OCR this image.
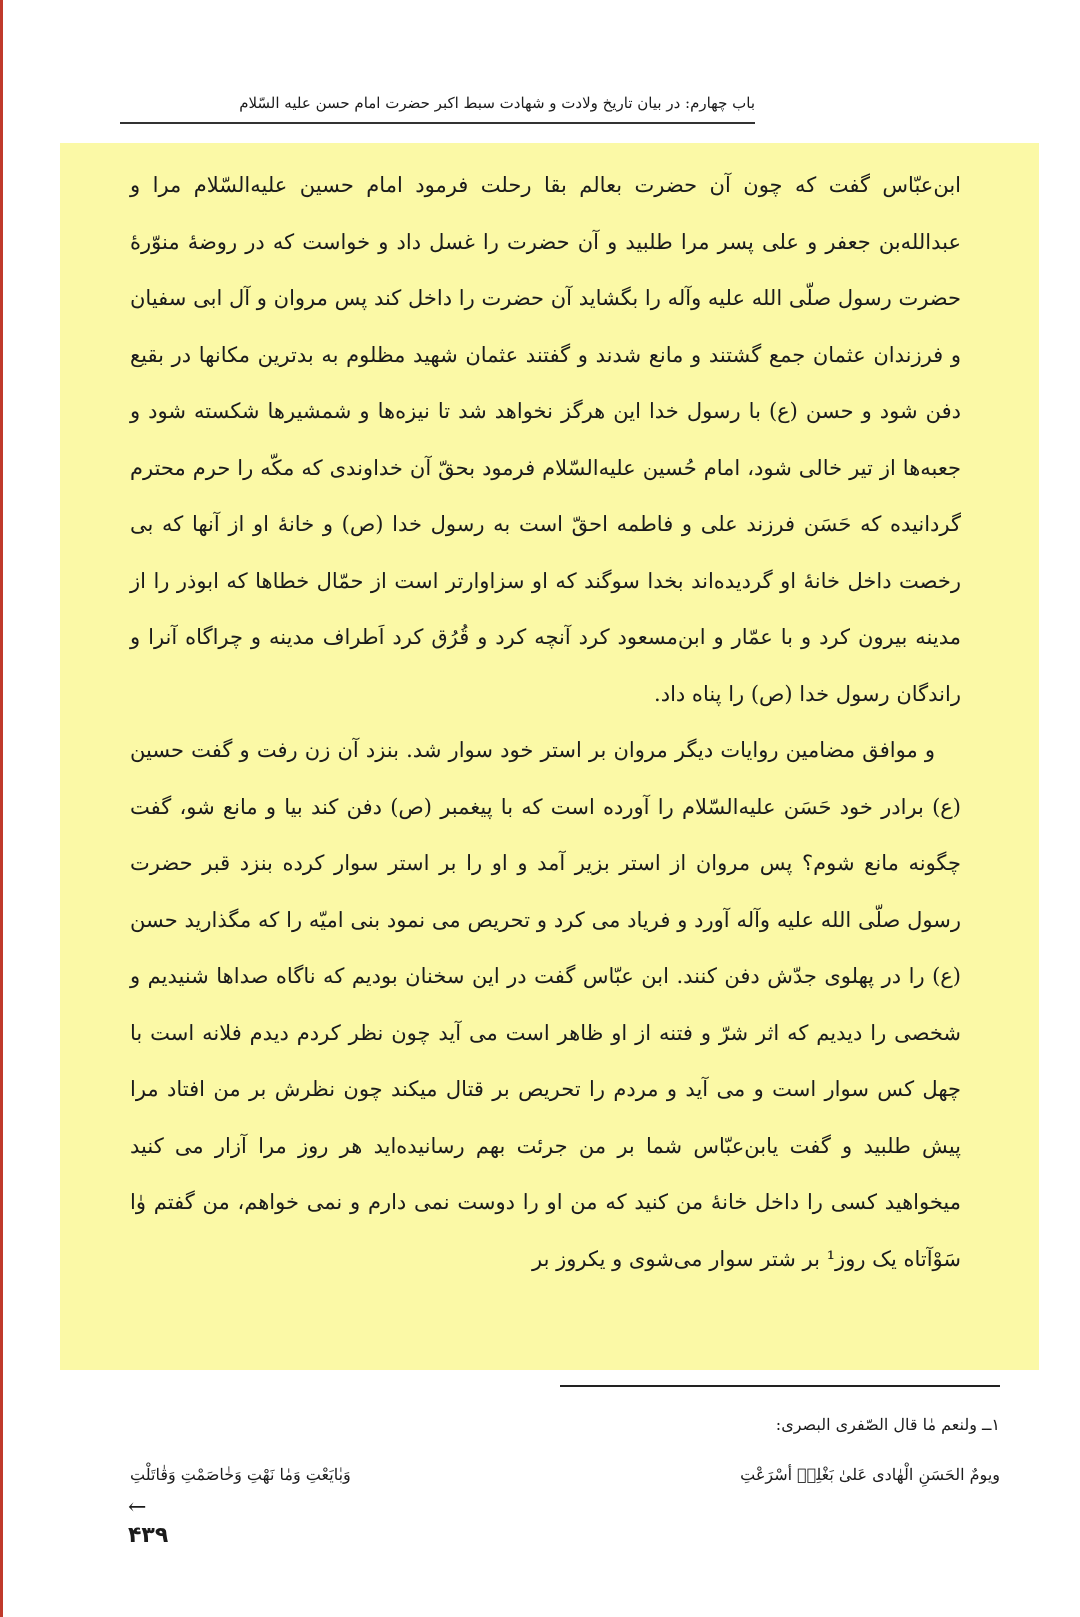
باب چهارم: در بیان تاریخ ولادت و شهادت سبط اکبر حضرت امام حسن علیه السّلام

ابن‌عبّاس گفت که چون آن حضرت بعالم بقا رحلت فرمود امام حسین علیه‌السّلام مرا و عبدالله‌بن جعفر و علی پسر مرا طلبید و آن حضرت را غسل داد و خواست که در روضهٔ منوّرهٔ حضرت رسول صلّی الله علیه وآله را بگشاید آن حضرت را داخل کند پس مروان و آل ابی سفیان و فرزندان عثمان جمع گشتند و مانع شدند و گفتند عثمان شهید مظلوم به بدترین مکانها در بقیع دفن شود و حسن (ع) با رسول خدا این هرگز نخواهد شد تا نیزه‌ها و شمشیرها شکسته شود و جعبه‌ها از تیر خالی شود، امام حُسین علیه‌السّلام فرمود بحقّ آن خداوندی که مکّه را حرم محترم گردانیده که حَسَن فرزند علی و فاطمه احقّ است به رسول خدا (ص) و خانهٔ او از آنها که بی رخصت داخل خانهٔ او گردیده‌اند بخدا سوگند که او سزاوارتر است از حمّال خطاها که ابوذر را از مدینه بیرون کرد و با عمّار و ابن‌مسعود کرد آنچه کرد و قُرُق کرد اَطراف مدینه و چراگاه آنرا و راندگان رسول خدا (ص) را پناه داد.

و موافق مضامین روایات دیگر مروان بر استر خود سوار شد. بنزد آن زن رفت و گفت حسین (ع) برادر خود حَسَن علیه‌السّلام را آورده است که با پیغمبر (ص) دفن کند بیا و مانع شو، گفت چگونه مانع شوم؟ پس مروان از استر بزیر آمد و او را بر استر سوار کرده بنزد قبر حضرت رسول صلّی الله علیه وآله آورد و فریاد می کرد و تحریص می نمود بنی امیّه را که مگذارید حسن (ع) را در پهلوی جدّش دفن کنند. ابن عبّاس گفت در این سخنان بودیم که ناگاه صداها شنیدیم و شخصی را دیدیم که اثر شرّ و فتنه از او ظاهر است می آید چون نظر کردم دیدم فلانه است با چهل کس سوار است و می آید و مردم را تحریص بر قتال میکند چون نظرش بر من افتاد مرا پیش طلبید و گفت یابن‌عبّاس شما بر من جرئت بهم رسانیده‌اید هر روز مرا آزار می کنید میخواهید کسی را داخل خانهٔ من کنید که من او را دوست نمی دارم و نمی خواهم، من گفتم وٰا سَوْآتاه یک روز¹ بر شتر سوار می‌شوی و یکروز بر

۱ــ ولنعم مٰا قال الصّفری البصری:
ويومٌ الحَسَنِ الْهٰادی عَلیٰ بَغْلِهٖ أسْرَعْتِ
وَبٰايَعْتِ وَمٰا نَهْتِ وَخٰاصَمْتِ وَقٰاتَلْتِ
←
۴۳۹
